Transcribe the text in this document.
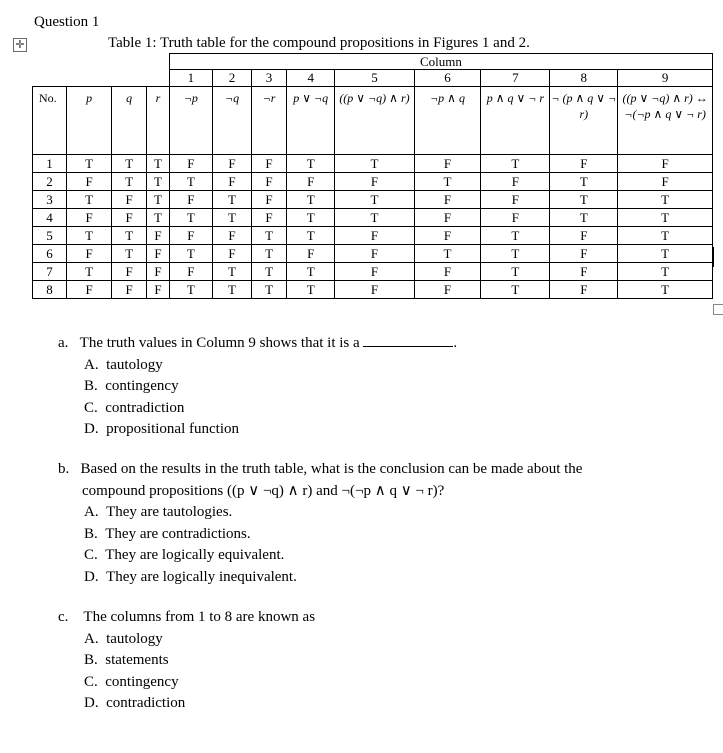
Question 1
✛	Table 1: Truth table for the compound propositions in Figures 1 and 2.
				Column								
				1	2	3	4	5	6	7	8	9
No.	p	q	r	¬p	¬q	¬r	p ∨ ¬q	((p ∨ ¬q) ∧ r)	¬p ∧ q	p ∧ q ∨ ¬ r	¬ (p ∧ q ∨ ¬ r)	((p ∨ ¬q) ∧ r) ↔ ¬(¬p ∧ q ∨ ¬ r)
1	T	T	T	F	F	F	T	T	F	T	F	F
2	F	T	T	T	F	F	F	F	T	F	T	F
3	T	F	T	F	T	F	T	T	F	F	T	T
4	F	F	T	T	T	F	T	T	F	F	T	T
5	T	T	F	F	F	T	T	F	F	T	F	T
6	F	T	F	T	F	T	F	F	T	T	F	T
7	T	F	F	F	T	T	T	F	F	T	F	T
8	F	F	F	T	T	T	T	F	F	T	F	T
a. The truth values in Column 9 shows that it is a	.
A. tautology
B. contingency
C. contradiction
D. propositional function
b. Based on the results in the truth table, what is the conclusion can be made about the
compound propositions ((p ∨ ¬q) ∧ r) and ¬(¬p ∧ q ∨ ¬ r)?
A. They are tautologies.
B. They are contradictions.
C. They are logically equivalent.
D. They are logically inequivalent.
c. The columns from 1 to 8 are known as
A. tautology
B. statements
C. contingency
D. contradiction
